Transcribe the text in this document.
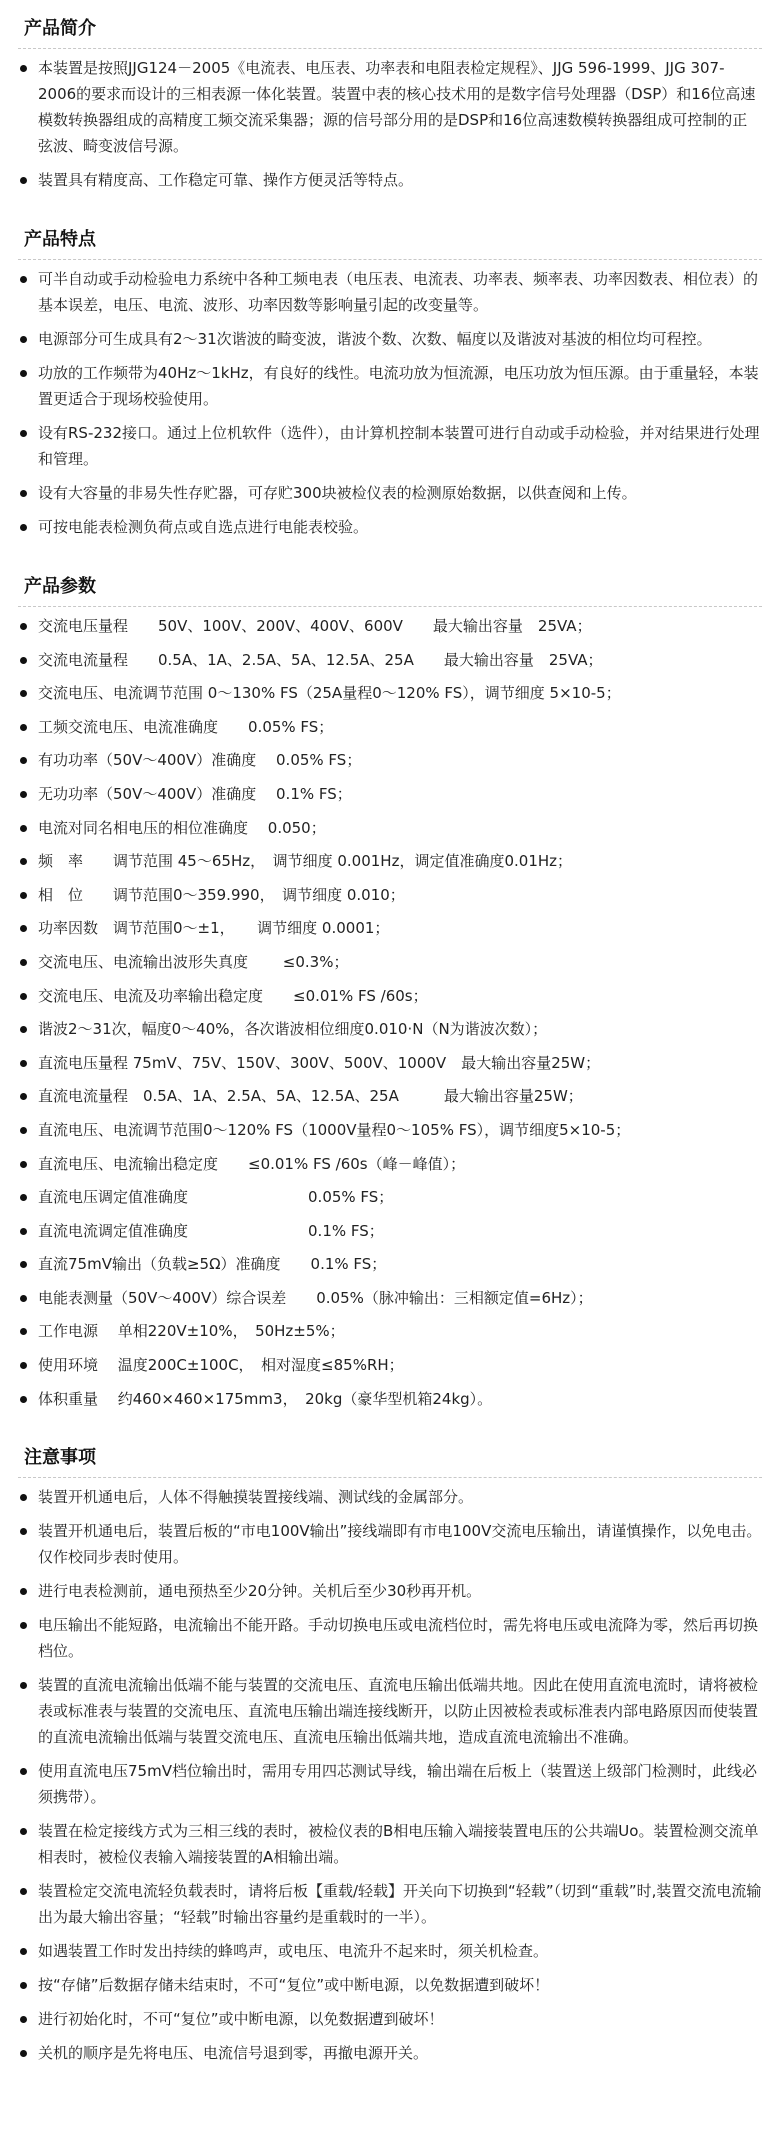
产品简介
本装置是按照JJG124－2005《电流表、电压表、功率表和电阻表检定规程》、JJG 596-1999、JJG 307-2006的要求而设计的三相表源一体化装置。装置中表的核心技术用的是数字信号处理器（DSP）和16位高速模数转换器组成的高精度工频交流采集器；源的信号部分用的是DSP和16位高速数模转换器组成可控制的正弦波、畸变波信号源。
装置具有精度高、工作稳定可靠、操作方便灵活等特点。
产品特点
可半自动或手动检验电力系统中各种工频电表（电压表、电流表、功率表、频率表、功率因数表、相位表）的基本误差，电压、电流、波形、功率因数等影响量引起的改变量等。
电源部分可生成具有2～31次谐波的畸变波，谐波个数、次数、幅度以及谐波对基波的相位均可程控。
功放的工作频带为40Hz～1kHz，有良好的线性。电流功放为恒流源，电压功放为恒压源。由于重量轻，本装置更适合于现场校验使用。
设有RS-232接口。通过上位机软件（选件），由计算机控制本装置可进行自动或手动检验，并对结果进行处理和管理。
设有大容量的非易失性存贮器，可存贮300块被检仪表的检测原始数据，以供查阅和上传。
可按电能表检测负荷点或自选点进行电能表校验。
产品参数
交流电压量程　　50V、100V、200V、400V、600V　　最大输出容量　25VA；
交流电流量程　　0.5A、1A、2.5A、5A、12.5A、25A　　最大输出容量　25VA；
交流电压、电流调节范围 0～130% FS（25A量程0～120% FS），调节细度 5×10-5；
工频交流电压、电流准确度　　0.05% FS；
有功功率（50V～400V）准确度　 0.05% FS；
无功功率（50V～400V）准确度　 0.1% FS；
电流对同名相电压的相位准确度　 0.050；
频　率　　调节范围 45～65Hz，　调节细度 0.001Hz，调定值准确度0.01Hz；
相　位　　调节范围0～359.990，　调节细度 0.010；
功率因数　调节范围0～±1，　　调节细度 0.0001；
交流电压、电流输出波形失真度　　 ≤0.3%；
交流电压、电流及功率输出稳定度　　≤0.01% FS /60s；
谐波2～31次，幅度0～40%，各次谐波相位细度0.010·N（N为谐波次数）；
直流电压量程 75mV、75V、150V、300V、500V、1000V　最大输出容量25W；
直流电流量程　0.5A、1A、2.5A、5A、12.5A、25A　　　最大输出容量25W；
直流电压、电流调节范围0～120% FS（1000V量程0～105% FS），调节细度5×10-5；
直流电压、电流输出稳定度　　≤0.01% FS /60s（峰－峰值）；
直流电压调定值准确度　　　　　　　　0.05% FS；
直流电流调定值准确度　　　　　　　　0.1% FS；
直流75mV输出（负载≥5Ω）准确度　　0.1% FS；
电能表测量（50V～400V）综合误差　　0.05%（脉冲输出：三相额定值=6Hz）；
工作电源　 单相220V±10%，　50Hz±5%；
使用环境　 温度200C±100C，　相对湿度≤85%RH；
体积重量　 约460×460×175mm3，　20kg（豪华型机箱24kg）。
注意事项
装置开机通电后，人体不得触摸装置接线端、测试线的金属部分。
装置开机通电后，装置后板的“市电100V输出”接线端即有市电100V交流电压输出，请谨慎操作，以免电击。仅作校同步表时使用。
进行电表检测前，通电预热至少20分钟。关机后至少30秒再开机。
电压输出不能短路，电流输出不能开路。手动切换电压或电流档位时，需先将电压或电流降为零，然后再切换档位。
装置的直流电流输出低端不能与装置的交流电压、直流电压输出低端共地。因此在使用直流电流时，请将被检表或标准表与装置的交流电压、直流电压输出端连接线断开，以防止因被检表或标准表内部电路原因而使装置的直流电流输出低端与装置交流电压、直流电压输出低端共地，造成直流电流输出不准确。
使用直流电压75mV档位输出时，需用专用四芯测试导线，输出端在后板上（装置送上级部门检测时，此线必须携带）。
装置在检定接线方式为三相三线的表时，被检仪表的B相电压输入端接装置电压的公共端Uo。装置检测交流单相表时，被检仪表输入端接装置的A相输出端。
装置检定交流电流轻负载表时，请将后板【重载/轻载】开关向下切换到“轻载”（切到“重载”时,装置交流电流输出为最大输出容量；“轻载”时输出容量约是重载时的一半）。
如遇装置工作时发出持续的蜂鸣声，或电压、电流升不起来时，须关机检查。
按“存储”后数据存储未结束时，不可“复位”或中断电源，以免数据遭到破坏！
进行初始化时，不可“复位”或中断电源，以免数据遭到破坏！
关机的顺序是先将电压、电流信号退到零，再撤电源开关。
